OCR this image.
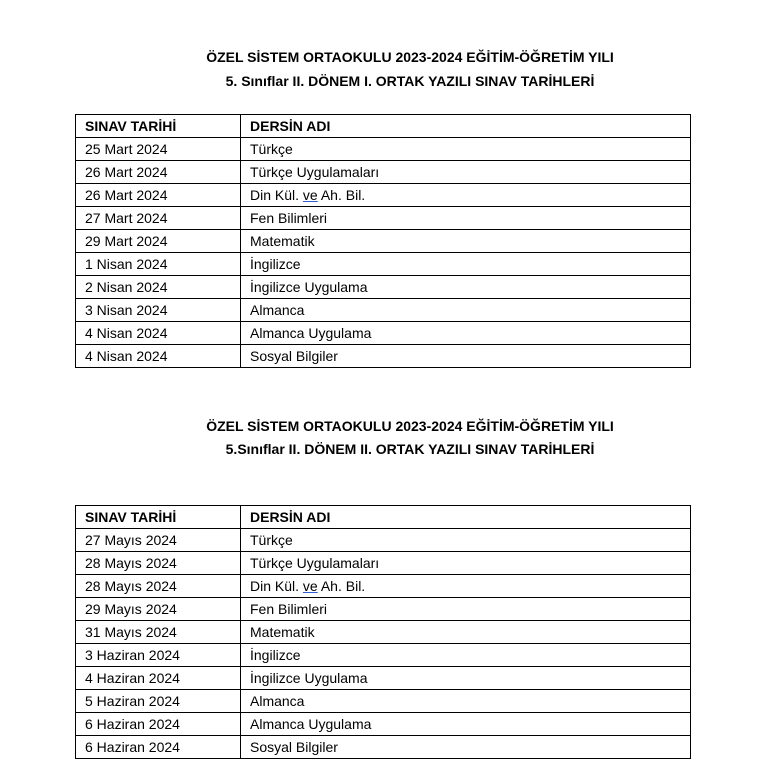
ÖZEL SİSTEM ORTAOKULU 2023-2024 EĞİTİM-ÖĞRETİM YILI
5. Sınıflar II. DÖNEM I. ORTAK YAZILI SINAV TARİHLERİ
SINAV TARİHİ	DERSİN ADI
25 Mart 2024	Türkçe
26 Mart 2024	Türkçe Uygulamaları
26 Mart 2024	Din Kül. ve Ah. Bil.
27 Mart 2024	Fen Bilimleri
29 Mart 2024	Matematik
1 Nisan 2024	İngilizce
2 Nisan 2024	İngilizce Uygulama
3 Nisan 2024	Almanca
4 Nisan 2024	Almanca Uygulama
4 Nisan 2024	Sosyal Bilgiler
ÖZEL SİSTEM ORTAOKULU 2023-2024 EĞİTİM-ÖĞRETİM YILI
5.Sınıflar II. DÖNEM II. ORTAK YAZILI SINAV TARİHLERİ
SINAV TARİHİ	DERSİN ADI
27 Mayıs 2024	Türkçe
28 Mayıs 2024	Türkçe Uygulamaları
28 Mayıs 2024	Din Kül. ve Ah. Bil.
29 Mayıs 2024	Fen Bilimleri
31 Mayıs 2024	Matematik
3 Haziran 2024	İngilizce
4 Haziran 2024	İngilizce Uygulama
5 Haziran 2024	Almanca
6 Haziran 2024	Almanca Uygulama
6 Haziran 2024	Sosyal Bilgiler
